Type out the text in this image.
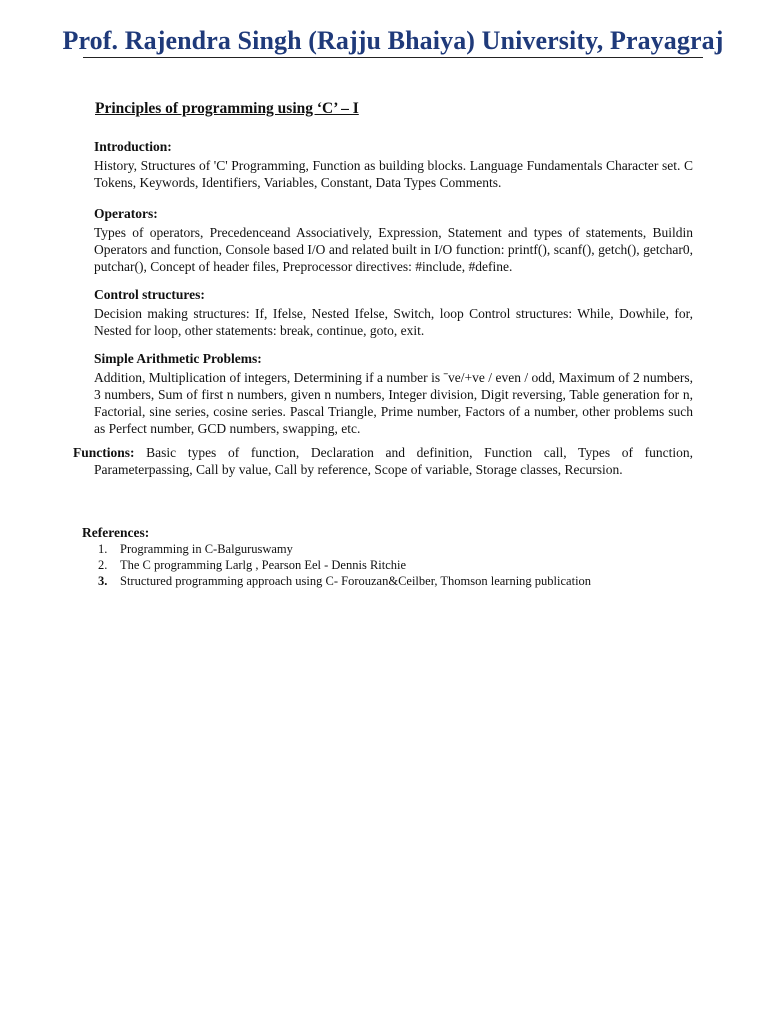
Prof. Rajendra Singh (Rajju Bhaiya) University, Prayagraj
Principles of programming using ‘C’ – I

Introduction:

History, Structures of 'C' Programming, Function as building blocks. Language Fundamentals Character set. C Tokens, Keywords, Identifiers, Variables, Constant, Data Types Comments.

Operators:

Types of operators, Precedenceand Associatively, Expression, Statement and types of statements, Buildin Operators and function, Console based I/O and related built in I/O function: printf(), scanf(), getch(), getchar0, putchar(), Concept of header files, Preprocessor directives: #include, #define.

Control structures:

Decision making structures: If, Ifelse, Nested Ifelse, Switch, loop Control structures: While, Dowhile, for, Nested for loop, other statements: break, continue, goto, exit.

Simple Arithmetic Problems:

Addition, Multiplication of integers, Determining if a number is ˉve/+ve / even / odd, Maximum of 2 numbers, 3 numbers, Sum of first n numbers, given n numbers, Integer division, Digit reversing, Table generation for n, Factorial, sine series, cosine series. Pascal Triangle, Prime number, Factors of a number, other problems such as Perfect number, GCD numbers, swapping, etc.

Functions: Basic types of function, Declaration and definition, Function call, Types of function,
Parameterpassing, Call by value, Call by reference, Scope of variable, Storage classes, Recursion.

References:

1. Programming in C-Balguruswamy
2. The C programming Larlg , Pearson Eel - Dennis Ritchie
3. Structured programming approach using C- Forouzan&Ceilber, Thomson learning publication
